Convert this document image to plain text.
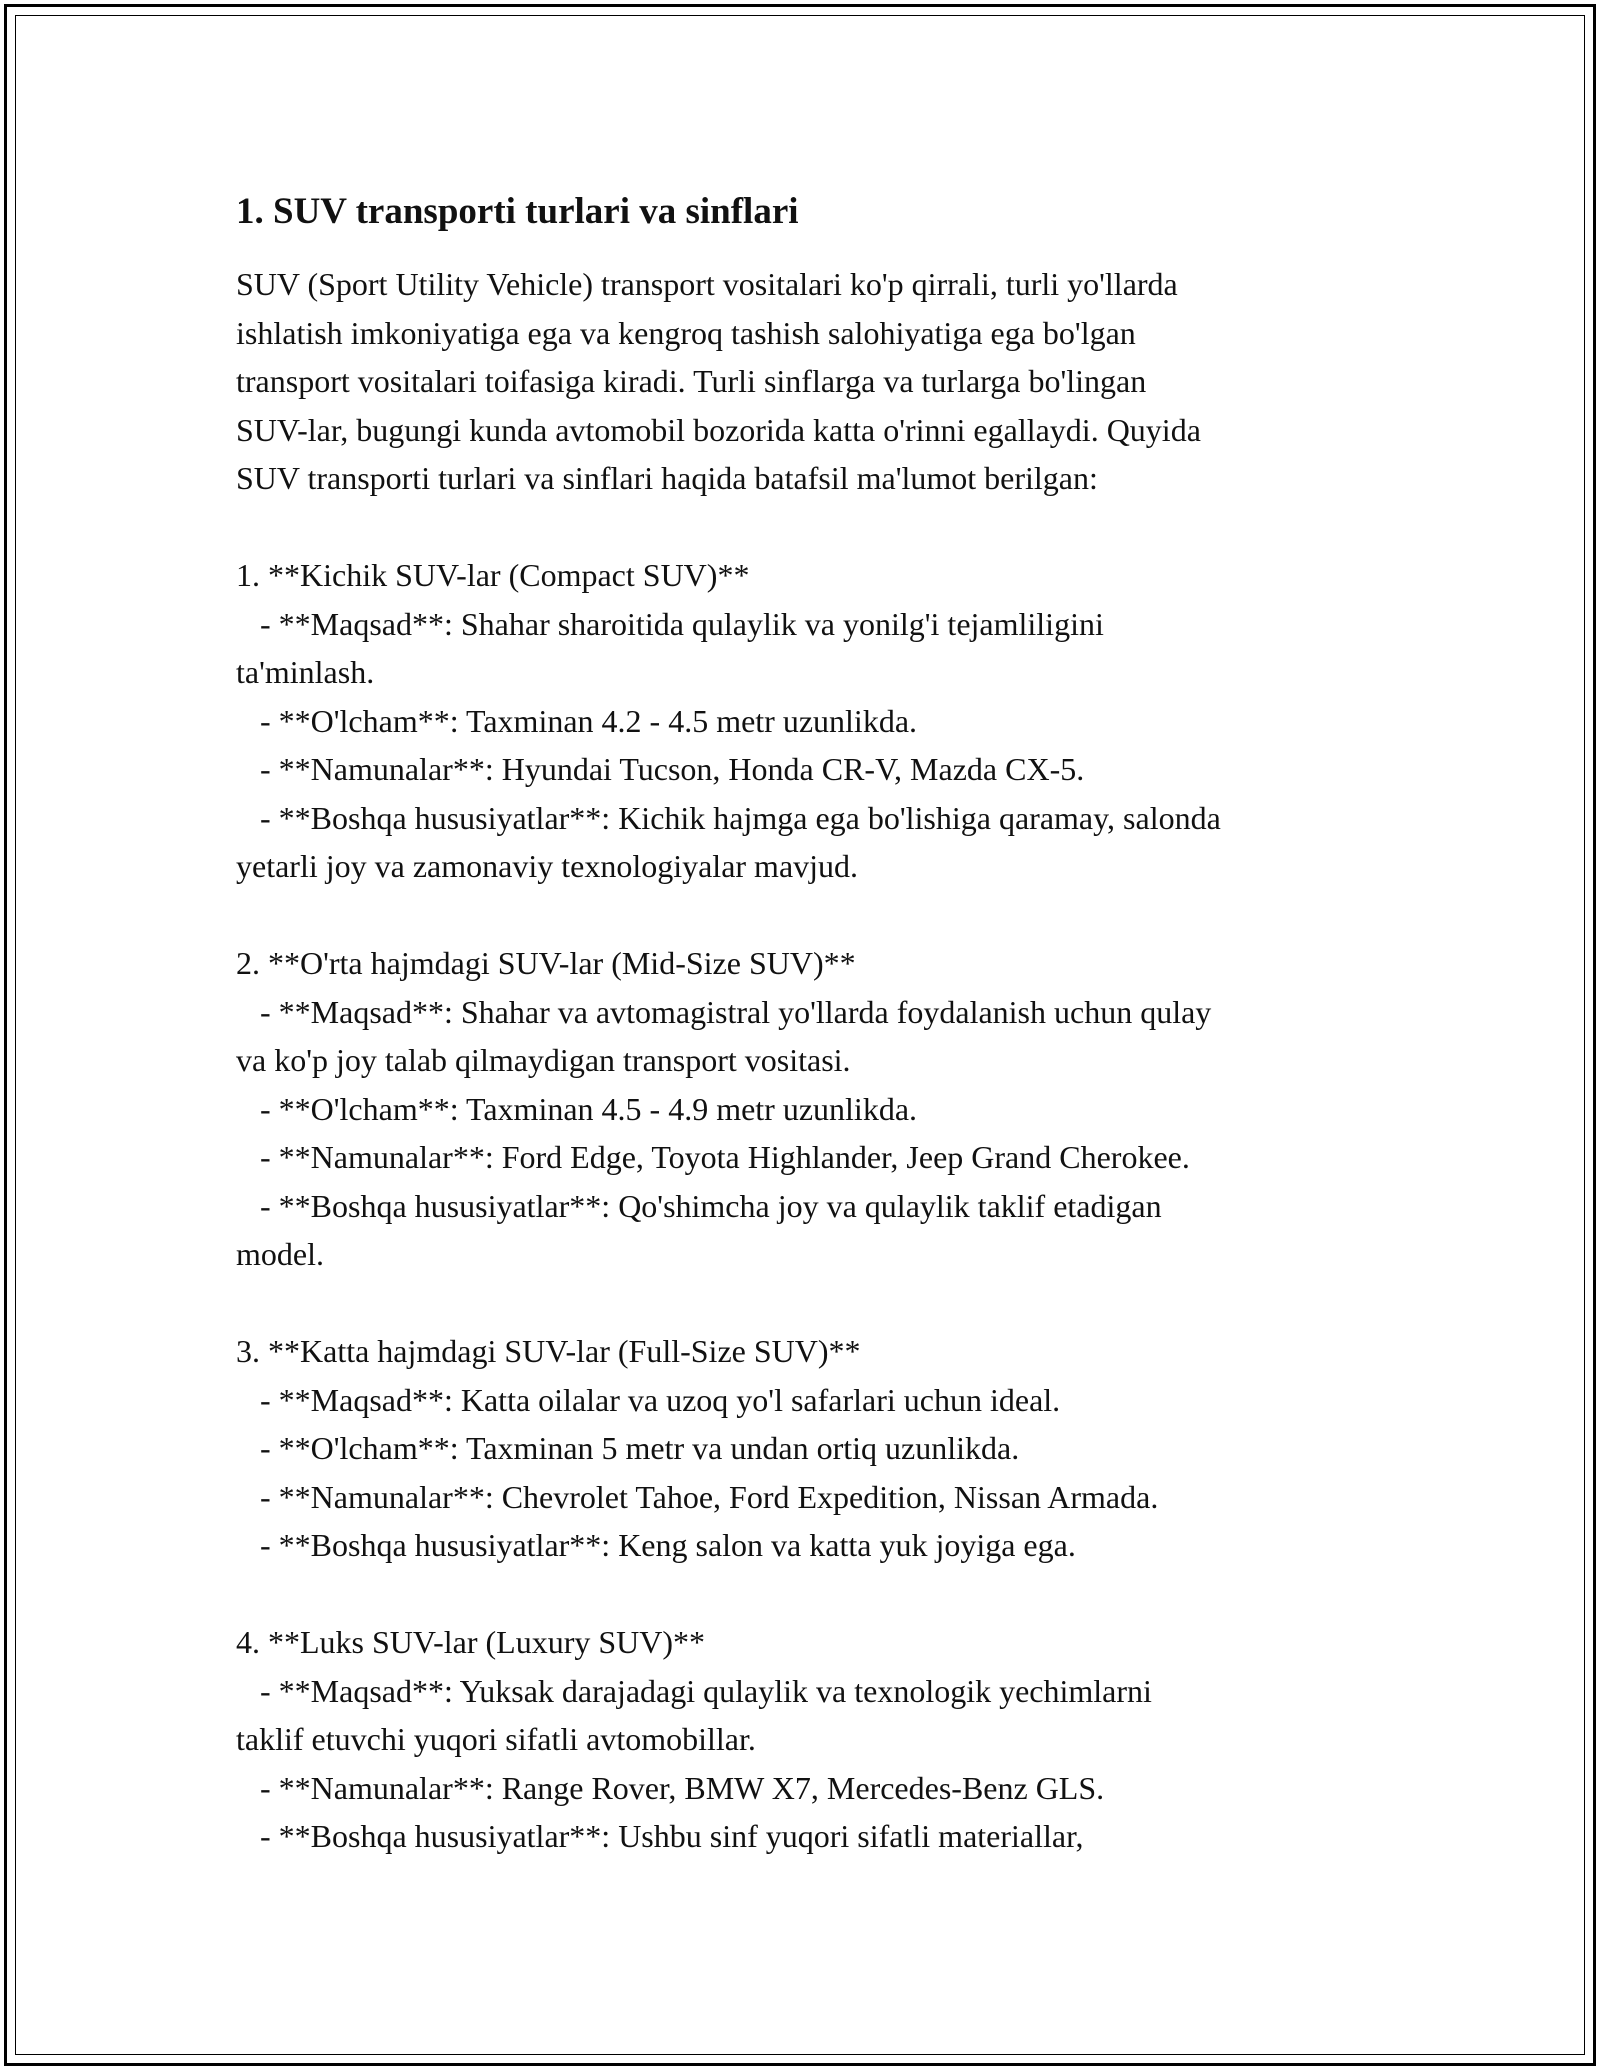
1. SUV transporti turlari va sinflari

SUV (Sport Utility Vehicle) transport vositalari ko'p qirrali, turli yo'llarda
ishlatish imkoniyatiga ega va kengroq tashish salohiyatiga ega bo'lgan
transport vositalari toifasiga kiradi. Turli sinflarga va turlarga bo'lingan
SUV-lar, bugungi kunda avtomobil bozorida katta o'rinni egallaydi. Quyida
SUV transporti turlari va sinflari haqida batafsil ma'lumot berilgan:

1. **Kichik SUV-lar (Compact SUV)**
- **Maqsad**: Shahar sharoitida qulaylik va yonilg'i tejamliligini
ta'minlash.
- **O'lcham**: Taxminan 4.2 - 4.5 metr uzunlikda.
- **Namunalar**: Hyundai Tucson, Honda CR-V, Mazda CX-5.
- **Boshqa hususiyatlar**: Kichik hajmga ega bo'lishiga qaramay, salonda
yetarli joy va zamonaviy texnologiyalar mavjud.

2. **O'rta hajmdagi SUV-lar (Mid-Size SUV)**
- **Maqsad**: Shahar va avtomagistral yo'llarda foydalanish uchun qulay
va ko'p joy talab qilmaydigan transport vositasi.
- **O'lcham**: Taxminan 4.5 - 4.9 metr uzunlikda.
- **Namunalar**: Ford Edge, Toyota Highlander, Jeep Grand Cherokee.
- **Boshqa hususiyatlar**: Qo'shimcha joy va qulaylik taklif etadigan
model.

3. **Katta hajmdagi SUV-lar (Full-Size SUV)**
- **Maqsad**: Katta oilalar va uzoq yo'l safarlari uchun ideal.
- **O'lcham**: Taxminan 5 metr va undan ortiq uzunlikda.
- **Namunalar**: Chevrolet Tahoe, Ford Expedition, Nissan Armada.
- **Boshqa hususiyatlar**: Keng salon va katta yuk joyiga ega.

4. **Luks SUV-lar (Luxury SUV)**
- **Maqsad**: Yuksak darajadagi qulaylik va texnologik yechimlarni
taklif etuvchi yuqori sifatli avtomobillar.
- **Namunalar**: Range Rover, BMW X7, Mercedes-Benz GLS.
- **Boshqa hususiyatlar**: Ushbu sinf yuqori sifatli materiallar,
